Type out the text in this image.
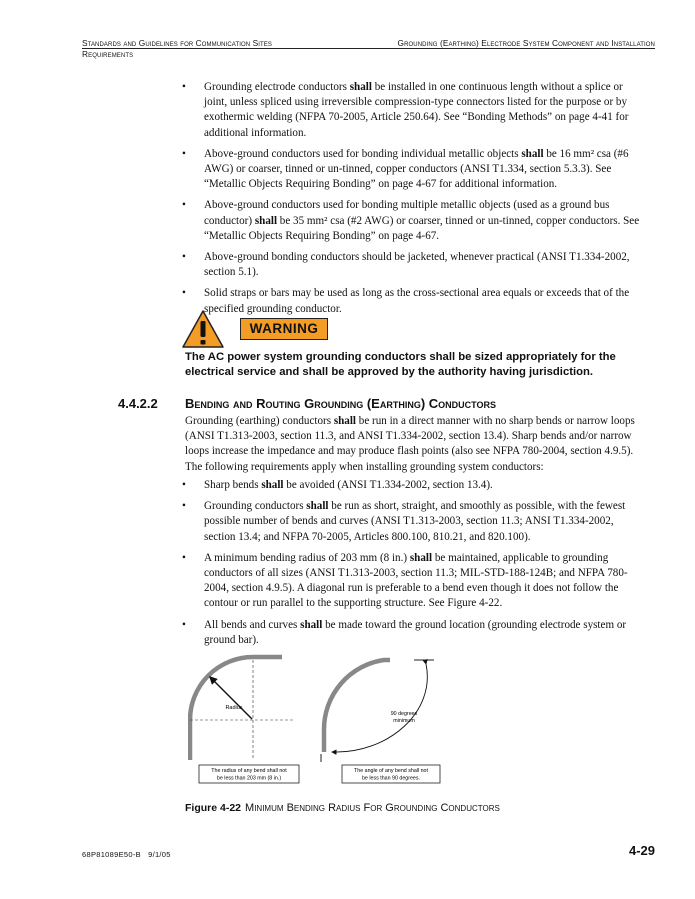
Standards and Guidelines for Communication Sites
Requirements
Grounding (Earthing) Electrode System Component and Installation
• Grounding electrode conductors shall be installed in one continuous length without a splice or joint, unless spliced using irreversible compression-type connectors listed for the purpose or by exothermic welding (NFPA 70-2005, Article 250.64). See “Bonding Methods” on page 4-41 for additional information.
• Above-ground conductors used for bonding individual metallic objects shall be 16 mm² csa (#6 AWG) or coarser, tinned or un-tinned, copper conductors (ANSI T1.334, section 5.3.3). See “Metallic Objects Requiring Bonding” on page 4-67 for additional information.
• Above-ground conductors used for bonding multiple metallic objects (used as a ground bus conductor) shall be 35 mm² csa (#2 AWG) or coarser, tinned or un-tinned, copper conductors. See “Metallic Objects Requiring Bonding” on page 4-67.
• Above-ground bonding conductors should be jacketed, whenever practical (ANSI T1.334-2002, section 5.1).
• Solid straps or bars may be used as long as the cross-sectional area equals or exceeds that of the specified grounding conductor.
WARNING
The AC power system grounding conductors shall be sized appropriately for the electrical service and shall be approved by the authority having jurisdiction.
4.4.2.2 Bending and Routing Grounding (Earthing) Conductors

Grounding (earthing) conductors shall be run in a direct manner with no sharp bends or narrow loops (ANSI T1.313-2003, section 11.3, and ANSI T1.334-2002, section 13.4). Sharp bends and/or narrow loops increase the impedance and may produce flash points (also see NFPA 780-2004, section 4.9.5). The following requirements apply when installing grounding system conductors:

• Sharp bends shall be avoided (ANSI T1.334-2002, section 13.4).
• Grounding conductors shall be run as short, straight, and smoothly as possible, with the fewest possible number of bends and curves (ANSI T1.313-2003, section 11.3; ANSI T1.334-2002, section 13.4; and NFPA 70-2005, Articles 800.100, 810.21, and 820.100).
• A minimum bending radius of 203 mm (8 in.) shall be maintained, applicable to grounding conductors of all sizes (ANSI T1.313-2003, section 11.3; MIL-STD-188-124B; and NFPA 780-2004, section 4.9.5). A diagonal run is preferable to a bend even though it does not follow the contour or run parallel to the supporting structure. See Figure 4-22.
• All bends and curves shall be made toward the ground location (grounding electrode system or ground bar).
Radius
The radius of any bend shall not
be less than 203 mm (8 in.)
90 degrees
minimum
The angle of any bend shall not
be less than 90 degrees.
Figure 4-22 Minimum Bending Radius For Grounding Conductors
68P81089E50-B   9/1/05	4-29
